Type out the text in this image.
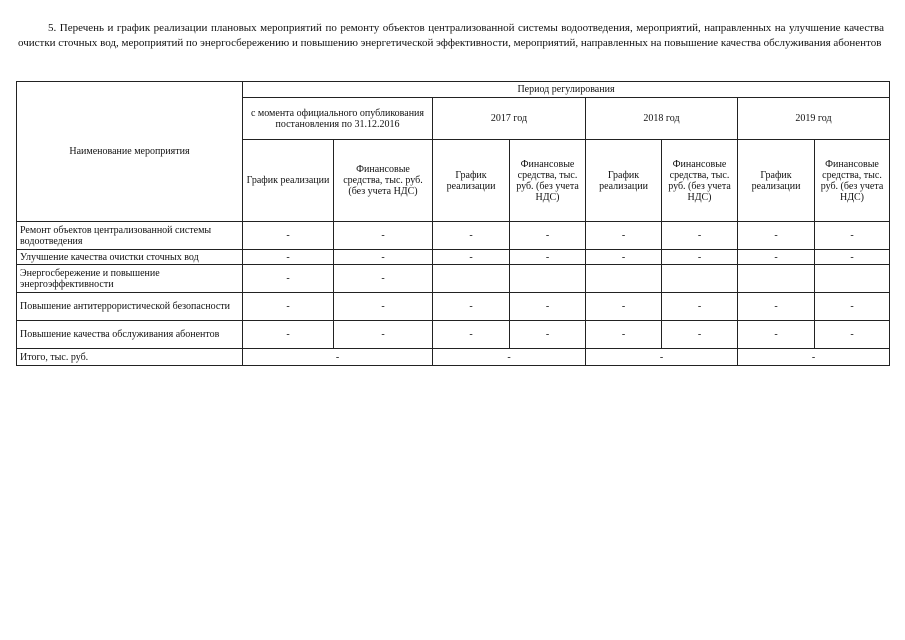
5. Перечень и график реализации плановых мероприятий по ремонту объектов централизованной системы водоотведения, мероприятий, направленных на улучшение качества очистки сточных вод, мероприятий по энергосбережению и повышению энергетической эффективности, мероприятий, направленных на повышение качества обслуживания абонентов

Наименование мероприятия	Период регулирования							
	с момента официального опубликования постановления по 31.12.2016		2017 год		2018 год		2019 год	
	График реализации	Финансовые средства, тыс. руб. (без учета НДС)	График реализации	Финансовые средства, тыс. руб. (без учета НДС)	График реализации	Финансовые средства, тыс. руб. (без учета НДС)	График реализации	Финансовые средства, тыс. руб. (без учета НДС)
Ремонт объектов централизованной системы водоотведения	-	-	-	-	-	-	-	-
Улучшение качества очистки сточных вод	-	-	-	-	-	-	-	-
Энергосбережение и повышение энергоэффективности	-	-						
Повышение антитеррористической безопасности	-	-	-	-	-	-	-	-
Повышение качества обслуживания абонентов	-	-	-	-	-	-	-	-
Итого, тыс. руб.	-		-		-		-	
